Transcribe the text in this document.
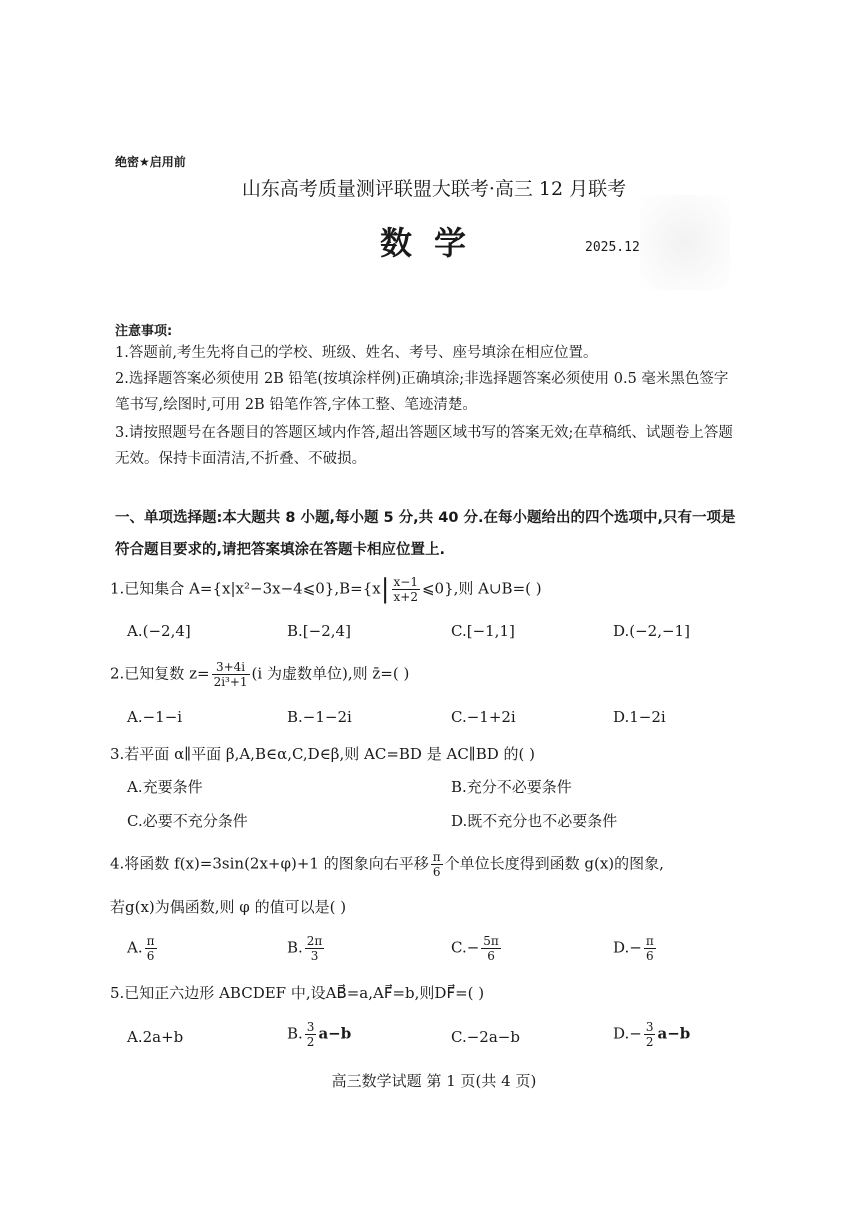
绝密★启用前
山东高考质量测评联盟大联考·高三 12 月联考
数学	2025.12
注意事项:
1.答题前,考生先将自己的学校、班级、姓名、考号、座号填涂在相应位置。
2.选择题答案必须使用 2B 铅笔(按填涂样例)正确填涂;非选择题答案必须使用 0.5 毫米黑色签字笔书写,绘图时,可用 2B 铅笔作答,字体工整、笔迹清楚。
3.请按照题号在各题目的答题区域内作答,超出答题区域书写的答案无效;在草稿纸、试题卷上答题无效。保持卡面清洁,不折叠、不破损。
一、单项选择题:本大题共 8 小题,每小题 5 分,共 40 分.在每小题给出的四个选项中,只有一项是符合题目要求的,请把答案填涂在答题卡相应位置上.
1.已知集合 A={x|x²−3x−4⩽0},B={x| $\frac{x-1}{x+2}$ ⩽0},则 A∪B=( )
A.(−2,4]	B.[−2,4]	C.[−1,1]	D.(−2,−1]
2.已知复数 $z= \frac{3+4i}{\text{2i³+1}} (i$ 为虚数单位),则 z̄=( )
A.−1−i	B.−1−2i	C.−1+2i	D.1−2i
3.若平面 α∥平面 β,A,B∈α,C,D∈β,则 AC=BD 是 AC∥BD 的( )
A.充要条件	B.充分不必要条件
C.必要不充分条件	D.既不充分也不必要条件
4.将函数 f(x)=3sin(2x+φ)+1 的图象向右平移 $\frac{\pi}{6}$ 个单位长度得到函数 g(x)的图象,
若g(x)为偶函数,则 φ 的值可以是( )
A. $\frac{\pi}{6}$	B. $\frac{2\pi}{3}$	$C.- \frac{5\pi}{6}$	$D.- \frac{\pi}{6}$
5.已知正六边形 ABCDEF 中,设AB⃗=a,AF⃗=b,则DF⃗=( )
A.2a+b	B. $\frac{3}{2} a-b$	C.−2a−b	$D.- \frac{3}{2} a-b$
高三数学试题 第 1 页(共 4 页)
